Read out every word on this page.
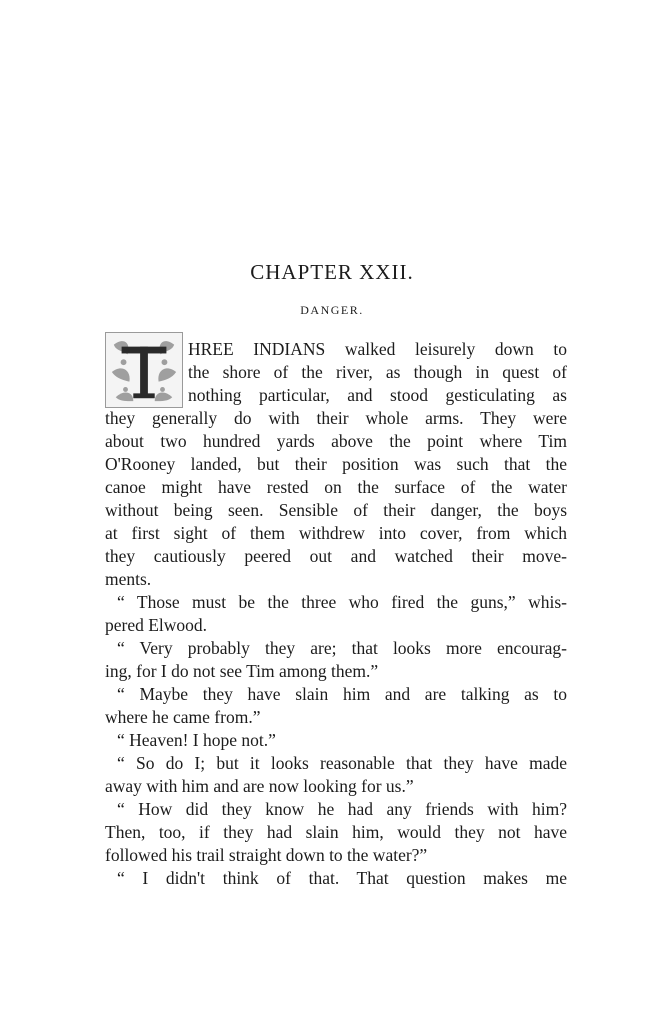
CHAPTER XXII.
DANGER.
HREE INDIANS walked leisurely down to
the shore of the river, as though in quest of
nothing particular, and stood gesticulating as
they generally do with their whole arms. They were
about two hundred yards above the point where Tim
O'Rooney landed, but their position was such that the
canoe might have rested on the surface of the water
without being seen. Sensible of their danger, the boys
at first sight of them withdrew into cover, from which
they cautiously peered out and watched their move-
ments.
“ Those must be the three who fired the guns,” whis-
pered Elwood.
“ Very probably they are; that looks more encourag-
ing, for I do not see Tim among them.”
“ Maybe they have slain him and are talking as to
where he came from.”
“ Heaven! I hope not.”
“ So do I; but it looks reasonable that they have made
away with him and are now looking for us.”
“ How did they know he had any friends with him?
Then, too, if they had slain him, would they not have
followed his trail straight down to the water?”
“ I didn't think of that. That question makes me
